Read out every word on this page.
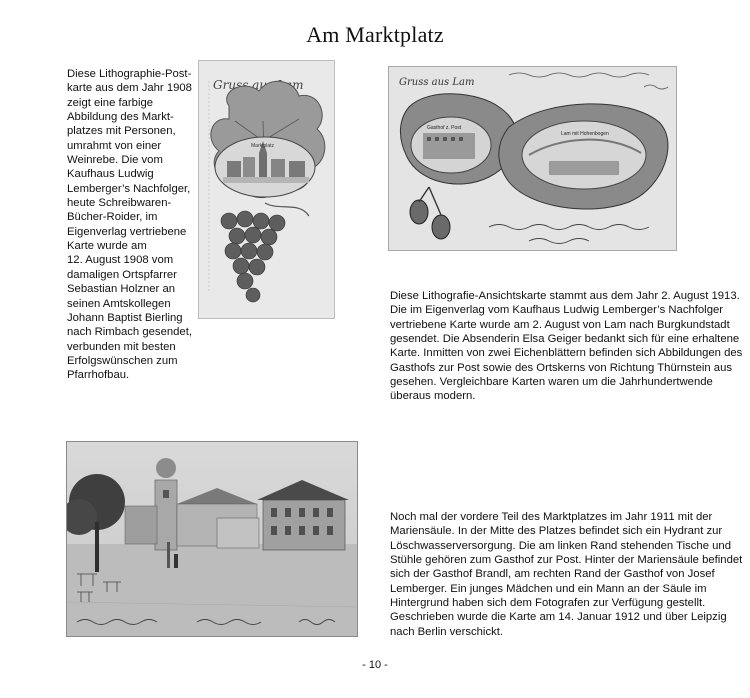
Am Marktplatz
Diese Lithographie-Post-
karte aus dem Jahr 1908
zeigt eine farbige
Abbildung des Markt-
platzes mit Personen,
umrahmt von einer
Weinrebe. Die vom
Kaufhaus Ludwig
Lemberger’s Nachfolger,
heute Schreibwaren-
Bücher-Roider, im
Eigenverlag vertriebene
Karte wurde am
12. August 1908 vom
damaligen Ortspfarrer
Sebastian Holzner an
seinen Amtskollegen
Johann Baptist Bierling
nach Rimbach gesendet,
verbunden mit besten
Erfolgswünschen zum
Pfarrhofbau.
Gruss aus Lam
Marktplatz
Gruss aus Lam
Gasthof z. Post
Lam mit Hohenbogen
Diese Lithografie-Ansichtskarte stammt aus dem Jahr 2. August 1913.
Die im Eigenverlag vom Kaufhaus Ludwig Lemberger’s Nachfolger
vertriebene Karte wurde am 2. August von Lam nach Burgkundstadt
gesendet. Die Absenderin Elsa Geiger bedankt sich für eine erhaltene
Karte. Inmitten von zwei Eichenblättern befinden sich Abbildungen des
Gasthofs zur Post sowie des Ortskerns von Richtung Thürnstein aus
gesehen. Vergleichbare Karten waren um die Jahrhundertwende
überaus modern.
Noch mal der vordere Teil des Marktplatzes im Jahr 1911 mit der
Mariensäule. In der Mitte des Platzes befindet sich ein Hydrant zur
Löschwasserversorgung. Die am linken Rand stehenden Tische und
Stühle gehören zum Gasthof zur Post. Hinter der Mariensäule befindet
sich der Gasthof Brandl, am rechten Rand der Gasthof von Josef
Lemberger. Ein junges Mädchen und ein Mann an der Säule im
Hintergrund haben sich dem Fotografen zur Verfügung gestellt.
Geschrieben wurde die Karte am 14. Januar 1912 und über Leipzig
nach Berlin verschickt.
- 10 -
